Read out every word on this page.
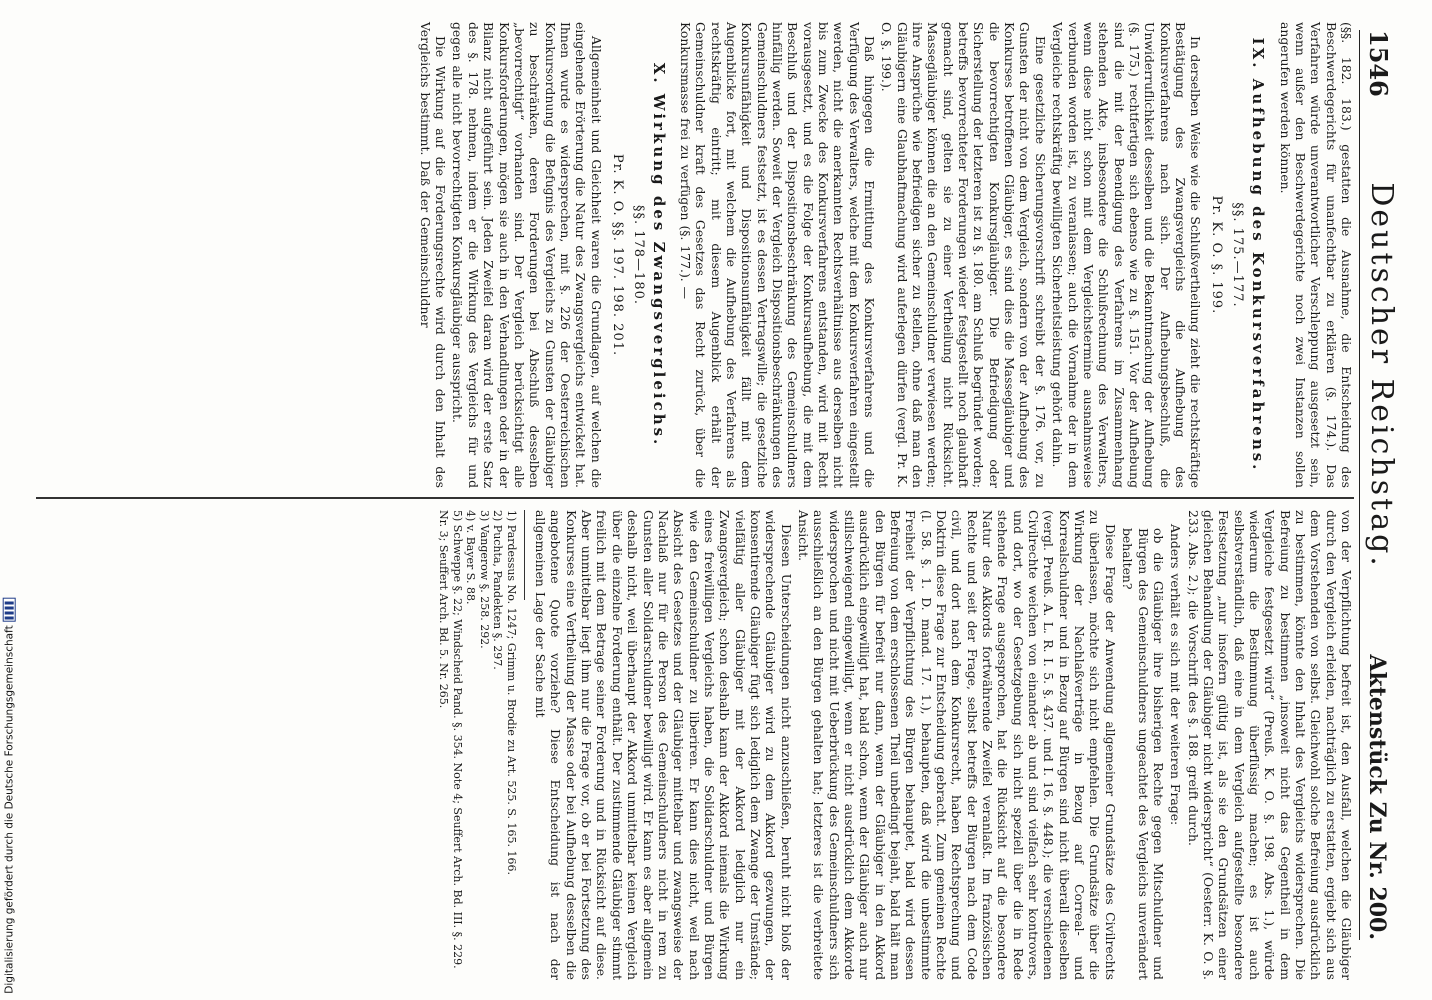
1546
Deutscher Reichstag.
Aktenstück Zu Nr. 200.

(§§. 182. 183.) gestatten die Ausnahme, die Entscheidung des Beschwerdegerichts für unanfechtbar zu erklären (§. 174.). Das Verfahren würde unverantwortlicher Verschleppung ausgesetzt sein, wenn außer den Beschwerdegerichte noch zwei Instanzen sollen angerufen werden können.

IX. Aufhebung des Konkursverfahrens.
§§. 175.—177.
Pr. K. O. §. 199.

In derselben Weise wie die Schlußvertheilung zieht die rechtskräftige Bestätigung des Zwangsvergleichs die Aufhebung des Konkursverfahrens nach sich. Der Aufhebungsbeschluß, die Unwiderruflichkeit desselben und die Bekanntmachung der Aufhebung (§. 175.) rechtfertigen sich ebenso wie zu §. 151. Vor der Aufhebung sind die mit der Beendigung des Verfahrens im Zusammenhang stehenden Akte, insbesondere die Schlußrechnung des Verwalters, wenn diese nicht schon mit dem Vergleichstermine ausnahmsweise verbunden worden ist, zu veranlassen; auch die Vornahme der in dem Vergleiche rechtskräftig bewilligten Sicherheitsleistung gehört dahin.

Eine gesetzliche Sicherungsvorschrift schreibt der §. 176. vor, zu Gunsten der nicht von dem Vergleich, sondern von der Aufhebung des Konkurses betroffenen Gläubiger, es sind dies die Massegläubiger und die bevorrechtigten Konkursgläubiger. Die Befriedigung oder Sicherstellung der letzteren ist zu §. 180. am Schluß begründet worden; betreffs bevorrechteter Forderungen wieder festgestellt noch glaubhaft gemacht sind, gelten sie zu einer Vertheilung nicht Rücksicht. Massegläubiger können die an den Gemeinschuldner verwiesen werden; ihre Ansprüche wie befriedigen sicher zu stellen, ohne daß man den Gläubigern eine Glaubhaftmachung wird auferlegen dürfen (vergl. Pr. K. O. §. 199.).

Daß hingegen die Ermittlung des Konkursverfahrens und die Verfügung des Verwalters, welche mit dem Konkursverfahren eingestellt werden, nicht die anerkannten Rechtsverhältnisse aus derselben nicht bis zum Zwecke des Konkursverfahrens entstanden, wird mit Recht vorausgesetzt, und es die Folge der Konkursaufhebung, die mit dem Beschluß und der Dispositionsbeschränkung des Gemeinschuldners hinfällig werden. Soweit der Vergleich Dispositionsbeschränkungen des Gemeinschuldners festsetzt, ist es dessen Vertragswille; die gesetzliche Konkursunfähigkeit und Dispositionsunfähigkeit fällt mit dem Augenblicke fort, mit welchem die Aufhebung des Verfahrens als rechtskräftig eintritt; mit diesem Augenblick erhält der Gemeinschuldner kraft des Gesetzes das Recht zurück, über die Konkursmasse frei zu verfügen (§. 177.). —

X. Wirkung des Zwangsvergleichs.
§§. 178—180.
Pr. K. O. §§. 197. 198. 201.

Allgemeinheit und Gleichheit waren die Grundlagen, auf welchen die eingehende Erörterung die Natur des Zwangsvergleichs entwickelt hat. Ihnen wurde es widersprechen, mit §. 226 der Oesterreichischen Konkursordnung die Befugnis des Vergleichs zu Gunsten der Gläubiger zu beschränken, deren Forderungen bei Abschluß desselben „bevorrechtigt“ vorhanden sind. Der Vergleich berücksichtigt alle Konkursforderungen, mögen sie auch in den Verhandlungen oder in der Bilanz nicht aufgeführt sein. Jeden Zweifel daran wird der erste Satz des §. 178. nehmen, indem er die Wirkung des Vergleichs für und gegen alle nicht bevorrechtigten Konkursgläubiger ausspricht.

Die Wirkung auf die Forderungsrechte wird durch den Inhalt des Vergleichs bestimmt. Daß der Gemeinschuldner

von der Verpflichtung befreit ist, den Ausfall, welchen die Gläubiger durch den Vergleich erleiden, nachträglich zu erstatten, ergiebt sich aus dem Vorstehenden von selbst. Gleichwohl solche Befreiung ausdrücklich zu bestimmen, könnte den Inhalt des Vergleichs widersprechen. Die Befreiung zu bestimmen „insoweit nicht das Gegentheil in dem Vergleiche festgesetzt wird“ (Preuß. K. O. §. 198. Abs. 1.), würde wiederum die Bestimmung überflüssig machen; es ist auch selbstverständlich, daß eine in dem Vergleich aufgestellte besondere Festsetzung „nur insofern gültig ist, als sie den Grundsätzen einer gleichen Behandlung der Gläubiger nicht widerspricht“ (Oesterr. K. O. §. 233. Abs. 2.); die Vorschrift des §. 188. greift durch.

Anders verhält es sich mit der weiteren Frage:

ob die Gläubiger ihre bisherigen Rechte gegen Mitschuldner und Bürgen des Gemeinschuldners ungeachtet des Vergleichs unverändert behalten?

Diese Frage der Anwendung allgemeiner Grundsätze des Civilrechts zu überlassen, möchte sich nicht empfehlen. Die Grundsätze über die Wirkung der Nachlaßverträge in Bezug auf Correal- und Korrealschuldner und in Bezug auf Bürgen sind nicht überall dieselben (vergl. Preuß. A. L. R. I. 5. §. 437. und I. 16. §. 448.); die verschiedenen Civilrechte weichen von einander ab und sind vielfach sehr kontrovers, und dort, wo der Gesetzgebung sich nicht speziell über die in Rede stehende Frage ausgesprochen, hat die Rücksicht auf die besondere Natur des Akkords fortwährende Zweifel veranlaßt. Im französischen Rechte und seit der Frage, selbst betreffs der Bürgen nach dem Code civil, und dort nach dem Konkursrecht, haben Rechtsprechung und Doktrin diese Frage zur Entscheidung gebracht. Zum gemeinen Rechte (l. 58. §. 1. D. mand. 17. 1.), behaupten, daß wird die unbestimmte Freiheit der Verpflichtung des Bürgen behauptet, bald wird dessen Befreiung von dem erschlossenen Theil unbedingt bejaht, bald hält man den Bürgen für befreit nur dann, wenn der Gläubiger in den Akkord ausdrücklich eingewilligt hat, bald schon, wenn der Gläubiger auch nur stillschweigend eingewilligt, wenn er nicht ausdrücklich dem Akkorde widersprochen und nicht mit Ueberbrückung des Gemeinschuldners sich ausschließlich an den Bürgen gehalten hat; letzteres ist die verbreitete Ansicht.

Diesen Unterscheidungen nicht anzuschließen, beruht nicht bloß der widersprechende Gläubiger wird zu dem Akkord gezwungen, der konsentirende Gläubiger fügt sich lediglich dem Zwange der Umstände; vielfältig aller Gläubiger mit der Akkord lediglich nur ein Zwangsvergleich; schon deshalb kann der Akkord niemals die Wirkung eines freiwilligen Vergleichs haben, die Solidarschuldner und Bürgen wie den Gemeinschuldner zu liberiren. Er kann dies nicht, weil nach Absicht des Gesetzes und der Gläubiger mittelbar und zwangsweise der Nachlaß nur für die Person des Gemeinschuldners nicht in rem zu Gunsten aller Solidarschuldner bewilligt wird. Er kann es aber allgemein deshalb nicht, weil überhaupt der Akkord unmittelbar keinen Vergleich über die einzelne Forderung enthält. Der zustimmende Gläubiger stimmt freilich mit dem Betrage seiner Forderung und in Rücksicht auf diese. Aber unmittelbar liegt ihm nur die Frage vor, ob er bei Fortsetzung des Konkurses eine Vertheilung der Masse oder bei Aufhebung desselben die angebotene Quote vorziehe? Diese Entscheidung ist nach der allgemeinen Lage der Sache mit

1) Pardessus No. 1247; Grimm u. Brodie zu Art. 525. S. 165. 166.

2) Puchta, Pandekten §. 297.

3) Vangerow §. 258. 292.

4) v. Bayer S. 88.

5) Schweppe §. 22; Windscheid Pand. §. 354. Note 4; Seuffert Arch. Bd. III. §. 229. Nr. 3; Seuffert Arch. Bd. 5. Nr. 265.

Digitalisierung gefördert durch die Deutsche Forschungsgemeinschaft
